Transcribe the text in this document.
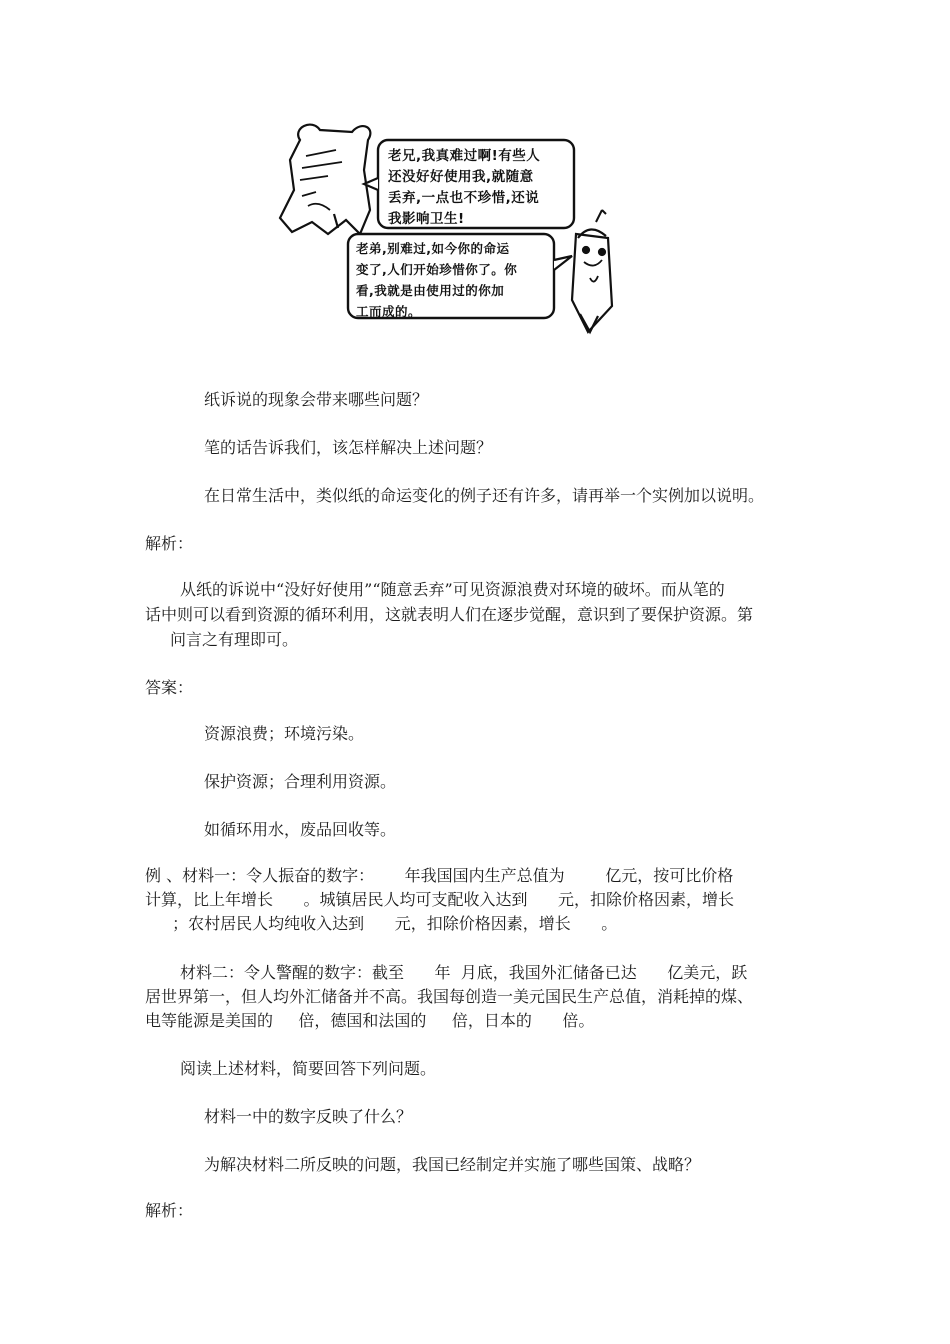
老兄,我真难过啊!有些人
还没好好使用我,就随意
丢弃,一点也不珍惜,还说
我影响卫生!
老弟,别难过,如今你的命运
变了,人们开始珍惜你了。你
看,我就是由使用过的你加
工而成的。
纸诉说的现象会带来哪些问题？
笔的话告诉我们，该怎样解决上述问题？
在日常生活中，类似纸的命运变化的例子还有许多，请再举一个实例加以说明。
解析：
从纸的诉说中“没好好使用”“随意丢弃”可见资源浪费对环境的破坏。而从笔的
话中则可以看到资源的循环利用，这就表明人们在逐步觉醒，意识到了要保护资源。第
问言之有理即可。
答案：
资源浪费；环境污染。
保护资源；合理利用资源。
如循环用水，废品回收等。
例 、材料一：令人振奋的数字：      年我国国内生产总值为        亿元，按可比价格
计算，比上年增长      。城镇居民人均可支配收入达到      元，扣除价格因素，增长
；农村居民人均纯收入达到      元，扣除价格因素，增长      。
材料二：令人警醒的数字：截至      年  月底，我国外汇储备已达      亿美元，跃
居世界第一，但人均外汇储备并不高。我国每创造一美元国民生产总值，消耗掉的煤、
电等能源是美国的     倍，德国和法国的     倍，日本的      倍。
阅读上述材料，简要回答下列问题。
材料一中的数字反映了什么？
为解决材料二所反映的问题，我国已经制定并实施了哪些国策、战略？
解析：
